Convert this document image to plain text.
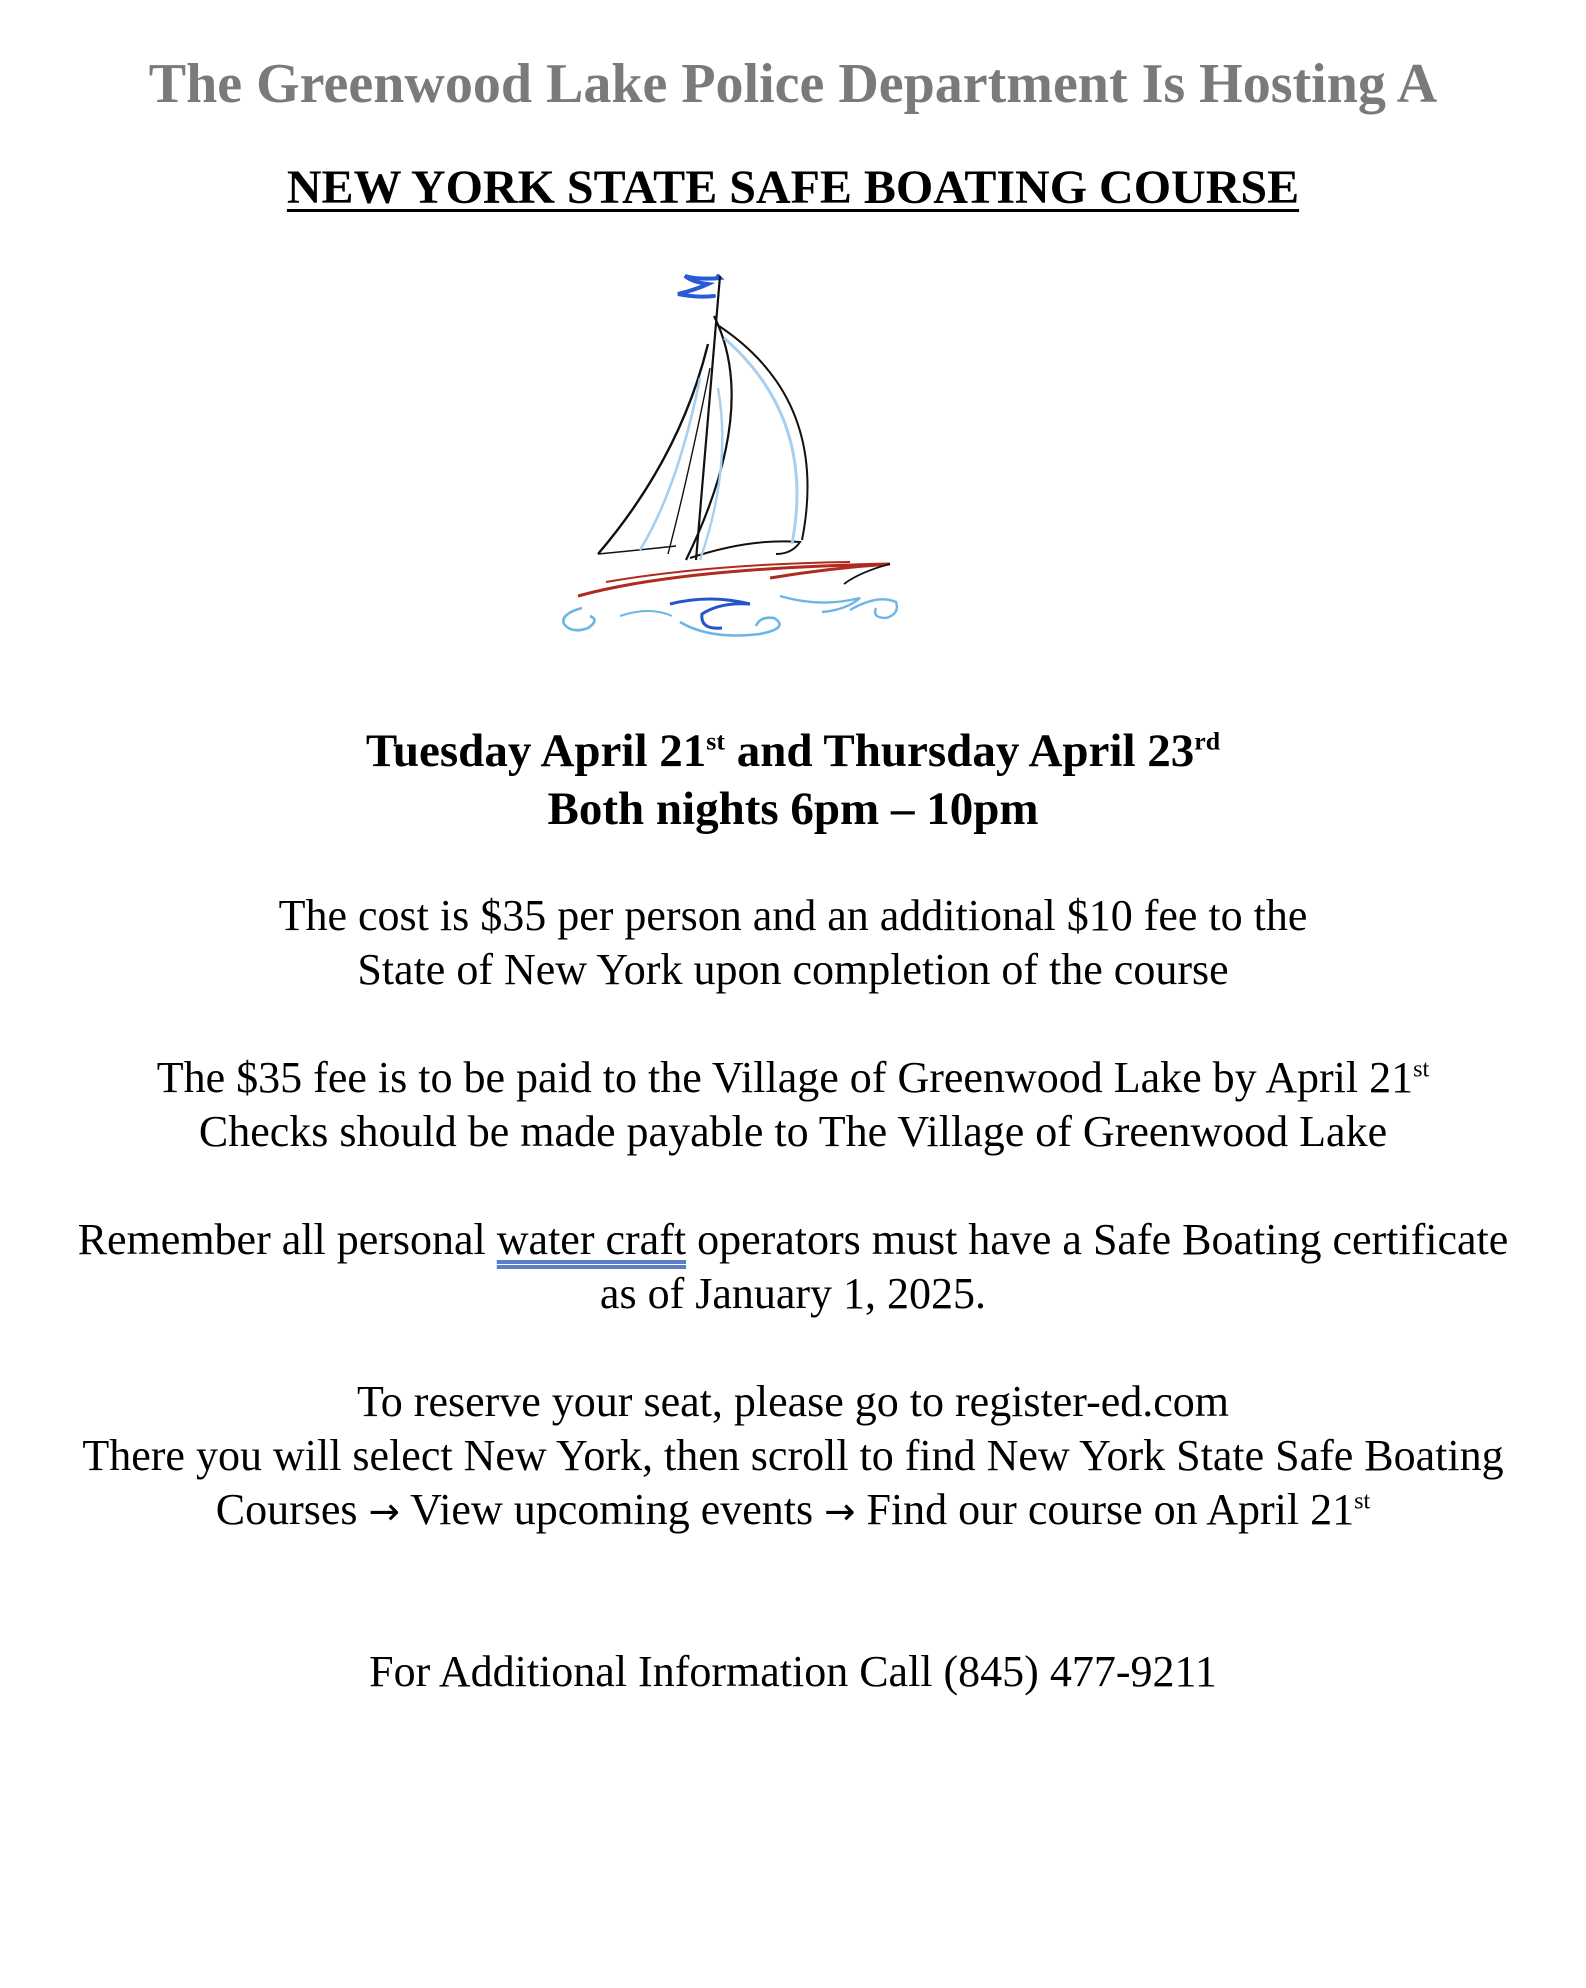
The Greenwood Lake Police Department Is Hosting A
NEW YORK STATE SAFE BOATING COURSE
Tuesday April 21st and Thursday April 23rd
Both nights 6pm – 10pm
The cost is $35 per person and an additional $10 fee to the
State of New York upon completion of the course
The $35 fee is to be paid to the Village of Greenwood Lake by April 21st
Checks should be made payable to The Village of Greenwood Lake
Remember all personal water craft operators must have a Safe Boating certificate
as of January 1, 2025.
To reserve your seat, please go to register-ed.com
There you will select New York, then scroll to find New York State Safe Boating
Courses → View upcoming events → Find our course on April 21st
For Additional Information Call (845) 477-9211
